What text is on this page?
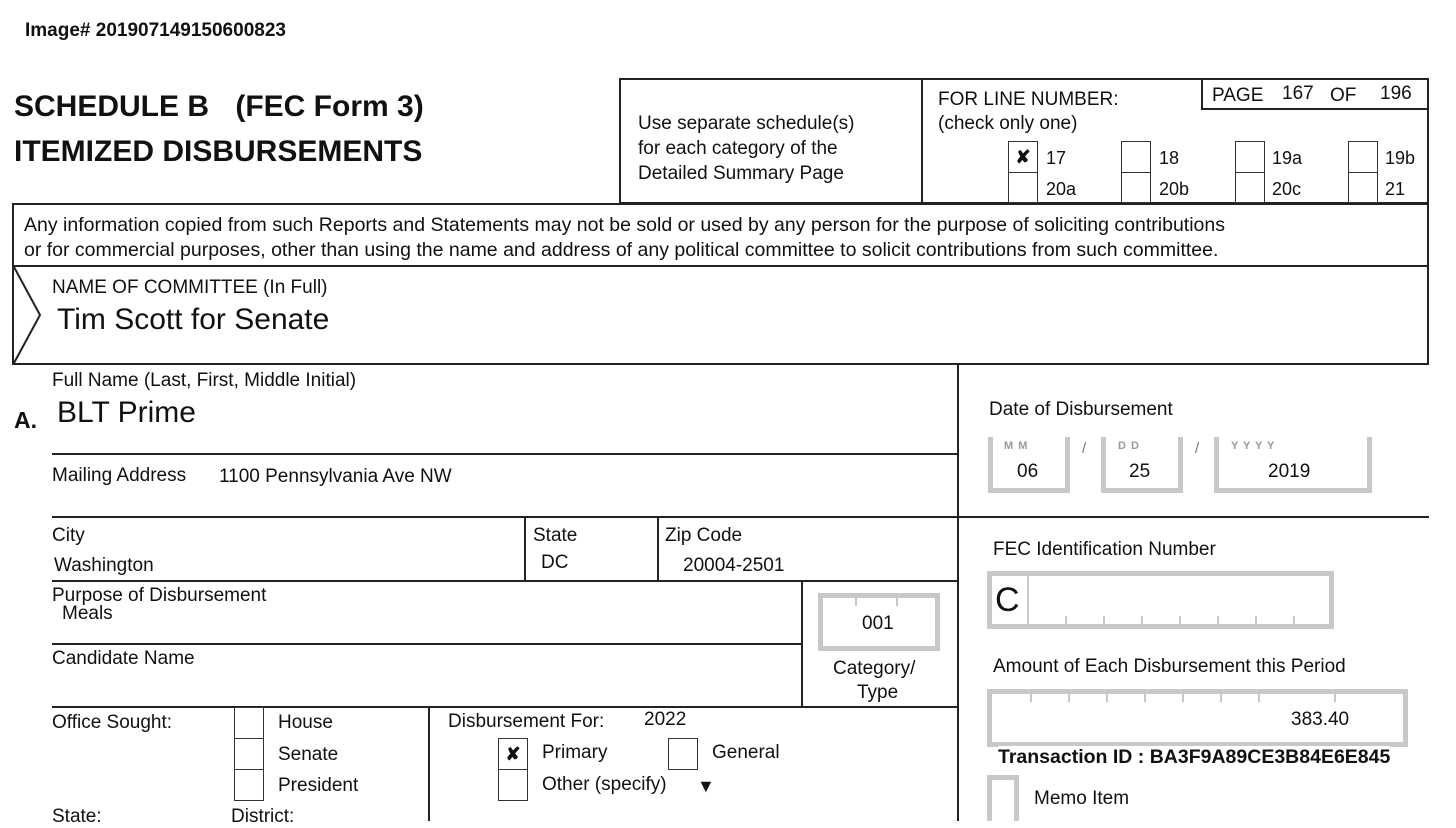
Image# 201907149150600823
SCHEDULE B (FEC Form 3)
ITEMIZED DISBURSEMENTS
Use separate schedule(s)
for each category of the
Detailed Summary Page
FOR LINE NUMBER:
(check only one)
PAGE 167 OF 196
✘ 17	18	19a	19b
20a	20b	20c	21
Any information copied from such Reports and Statements may not be sold or used by any person for the purpose of soliciting contributions
or for commercial purposes, other than using the name and address of any political committee to solicit contributions from such committee.
NAME OF COMMITTEE (In Full)
Tim Scott for Senate
A.
Full Name (Last, First, Middle Initial)
BLT Prime
Mailing Address 1100 Pennsylvania Ave NW
City
Washington
State
DC
Zip Code
20004-2501
Purpose of Disbursement
Meals
Candidate Name
001
Category/
Type
Office Sought:	House
Senate
President
State:	District:
Disbursement For: 2022
✘	Primary	General
Other (specify) ▼
Date of Disbursement
M M
06
/	D D
25
/	Y Y Y Y
2019
FEC Identification Number
C
Amount of Each Disbursement this Period
383.40
Transaction ID : BA3F9A89CE3B84E6E845
Memo Item
